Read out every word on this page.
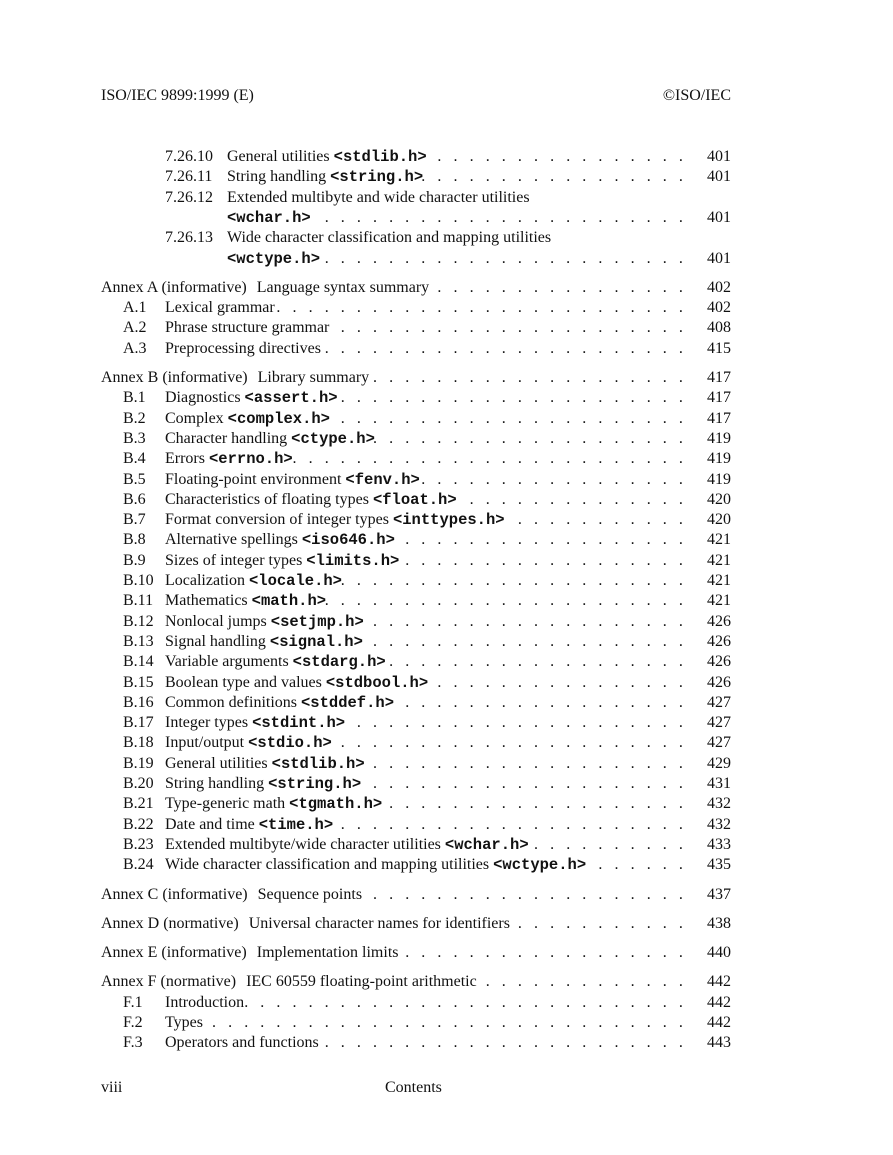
ISO/IEC 9899:1999 (E)	©ISO/IEC
7.26.10 General utilities <stdlib.h> ................ 401
7.26.11 String handling <string.h>
................. 401
7.26.12 Extended multibyte and wide character utilities
<wchar.h> ....................... 401
7.26.13 Wide character classification and mapping utilities
<wctype.h> ....................... 401
Annex A (informative) Language syntax summary ................ 402
A.1 Lexical grammar .......................... 402
A.2 Phrase structure grammar ...................... 408
A.3 Preprocessing directives ....................... 415
Annex B (informative) Library summary .................... 417
B.1 Diagnostics <assert.h> ...................... 417
B.2 Complex <complex.h> ...................... 417
B.3 Character handling <ctype.h>
.................... 419
B.4 Errors <errno.h> ......................... 419
B.5 Floating-point environment <fenv.h> ................. 419
B.6 Characteristics of floating types <float.h> .............. 420
B.7 Format conversion of integer types <inttypes.h> ........... 420
B.8 Alternative spellings <iso646.h> .................. 421
B.9 Sizes of integer types <limits.h> .................. 421
B.10 Localization <locale.h>
...................... 421
B.11 Mathematics <math.h>
....................... 421
B.12 Nonlocal jumps <setjmp.h> .................... 426
B.13 Signal handling <signal.h> .................... 426
B.14 Variable arguments <stdarg.h> ................... 426
B.15 Boolean type and values <stdbool.h> ................ 426
B.16 Common definitions <stddef.h> .................. 427
B.17 Integer types <stdint.h> ..................... 427
B.18 Input/output <stdio.h> ...................... 427
B.19 General utilities <stdlib.h> .................... 429
B.20 String handling <string.h> .................... 431
B.21 Type-generic math <tgmath.h> ................... 432
B.22 Date and time <time.h> ...................... 432
B.23 Extended multibyte/wide character utilities <wchar.h> .......... 433
B.24 Wide character classification and mapping utilities <wctype.h> ...... 435
Annex C (informative) Sequence points .................... 437
Annex D (normative) Universal character names for identifiers ........... 438
Annex E (informative) Implementation limits .................. 440
Annex F (normative) IEC 60559 floating-point arithmetic ............. 442
F.1 Introduction ............................ 442
F.2 Types .............................. 442
F.3 Operators and functions ....................... 443
viii	Contents
